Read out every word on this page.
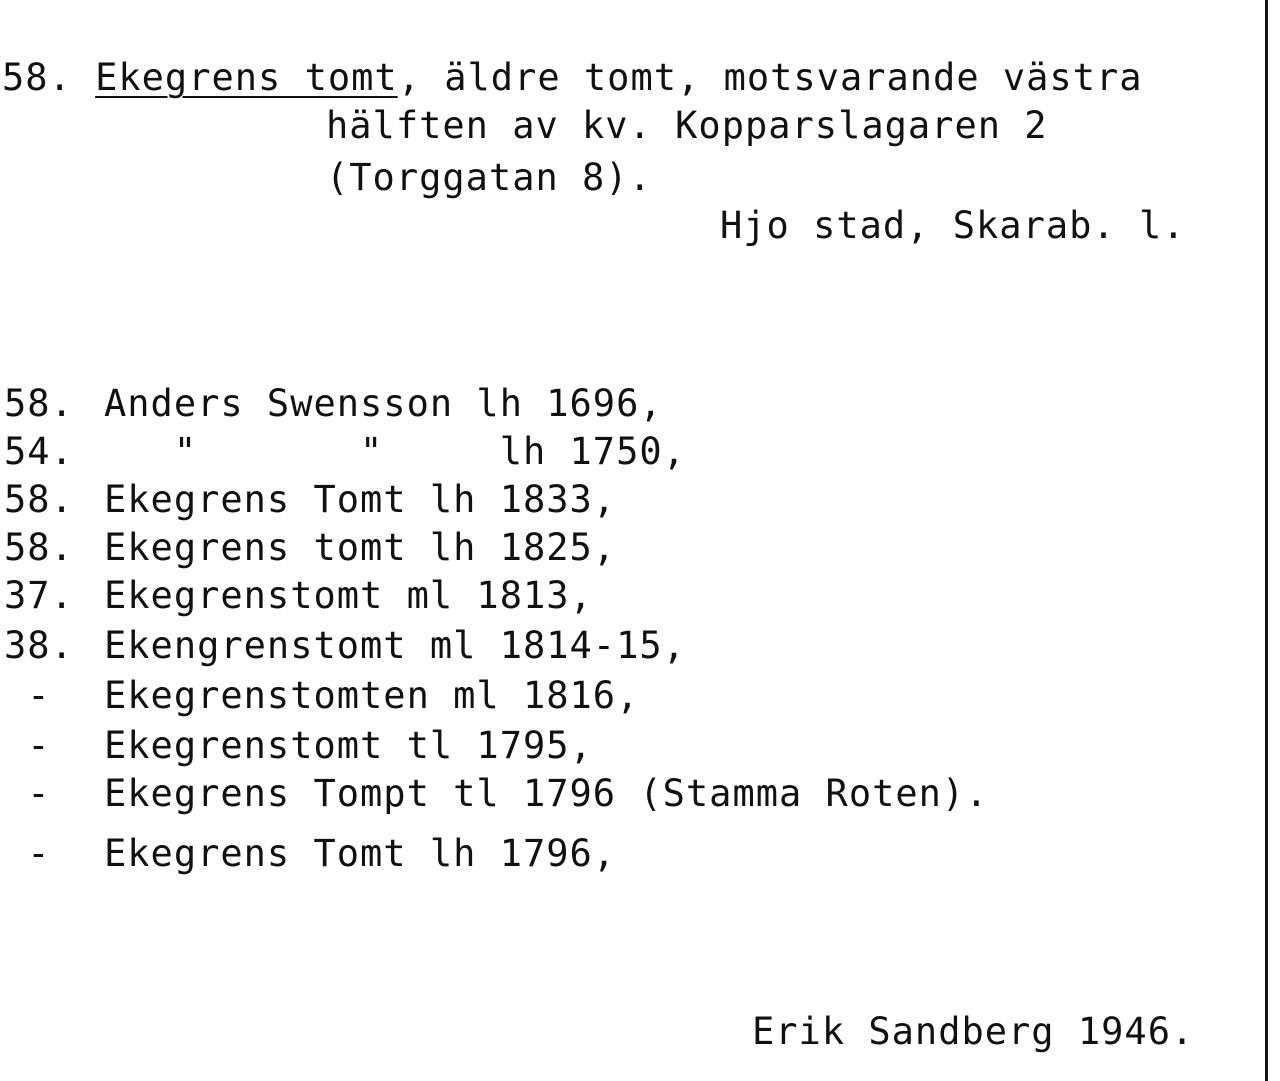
58. Ekegrens tomt, äldre tomt, motsvarande västra
hälften av kv. Kopparslagaren 2
(Torggatan 8).
Hjo stad, Skarab. l.
58. Anders Swensson lh 1696,
54.   "       "     lh 1750,
58. Ekegrens Tomt lh 1833,
58. Ekegrens tomt lh 1825,
37. Ekegrenstomt ml 1813,
38. Ekengrenstomt ml 1814-15,
- Ekegrenstomten ml 1816,
- Ekegrenstomt tl 1795,
- Ekegrens Tompt tl 1796 (Stamma Roten).
- Ekegrens Tomt lh 1796,
Erik Sandberg 1946.
